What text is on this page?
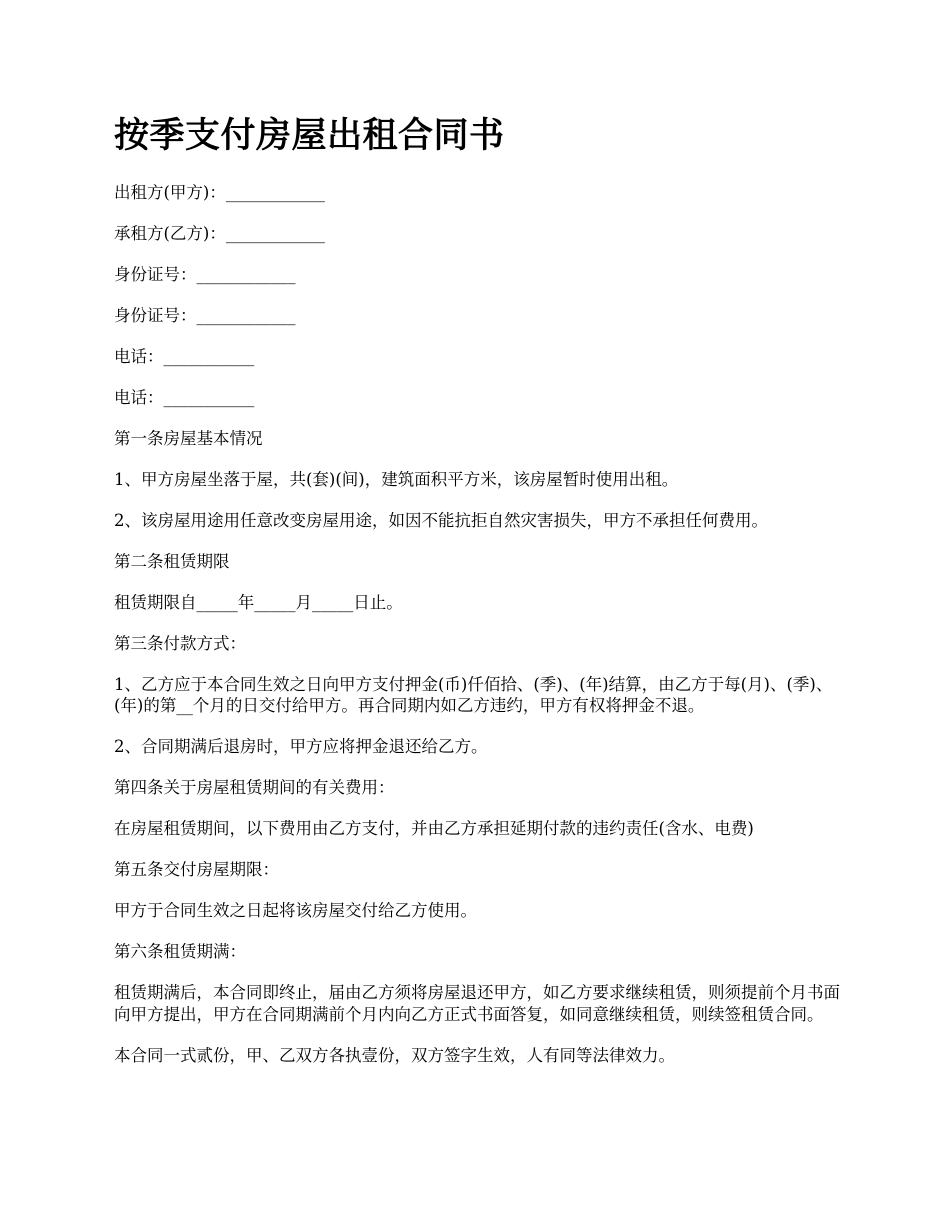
按季支付房屋出租合同书

出租方(甲方)：____________

承租方(乙方)：____________

身份证号：____________

身份证号：____________

电话：___________

电话：___________

第一条房屋基本情况

1、甲方房屋坐落于屋，共(套)(间)，建筑面积平方米，该房屋暂时使用出租。

2、该房屋用途用任意改变房屋用途，如因不能抗拒自然灾害损失，甲方不承担任何费用。

第二条租赁期限

租赁期限自_____年_____月_____日止。

第三条付款方式：

1、乙方应于本合同生效之日向甲方支付押金(币)仟佰拾、(季)、(年)结算，由乙方于每(月)、(季)、(年)的第__个月的日交付给甲方。再合同期内如乙方违约，甲方有权将押金不退。

2、合同期满后退房时，甲方应将押金退还给乙方。

第四条关于房屋租赁期间的有关费用：

在房屋租赁期间，以下费用由乙方支付，并由乙方承担延期付款的违约责任(含水、电费)

第五条交付房屋期限：

甲方于合同生效之日起将该房屋交付给乙方使用。

第六条租赁期满：

租赁期满后，本合同即终止，届由乙方须将房屋退还甲方，如乙方要求继续租赁，则须提前个月书面向甲方提出，甲方在合同期满前个月内向乙方正式书面答复，如同意继续租赁，则续签租赁合同。

本合同一式贰份，甲、乙双方各执壹份，双方签字生效，人有同等法律效力。
